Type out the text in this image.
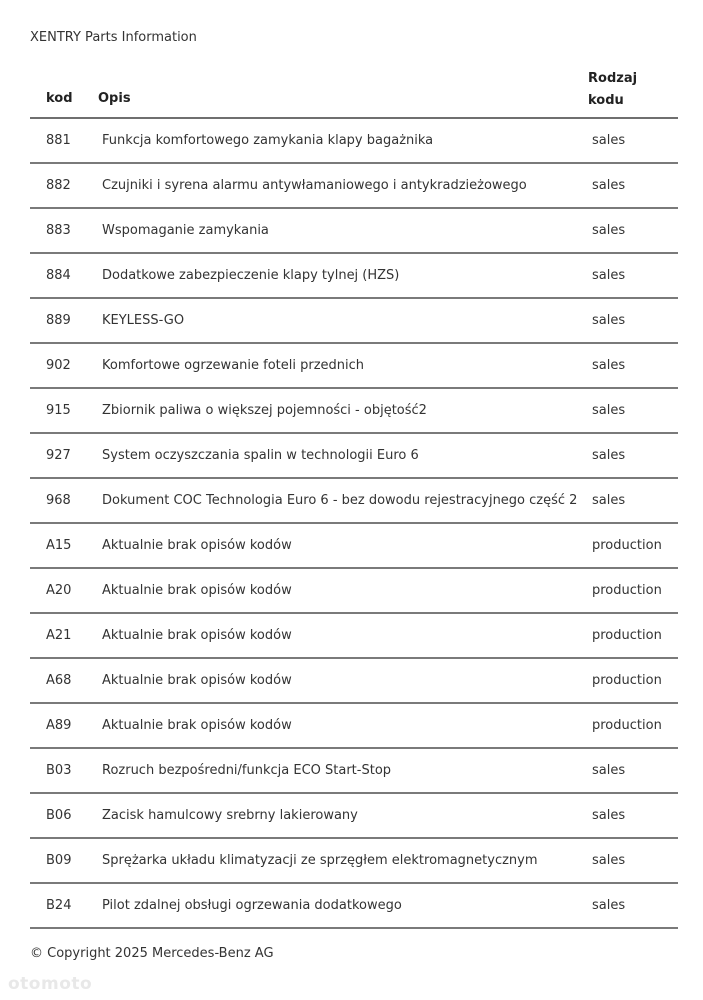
XENTRY Parts Information
kod Opis
Rodzaj
kodu
881 Funkcja komfortowego zamykania klapy bagażnika	sales
882 Czujniki i syrena alarmu antywłamaniowego i antykradzieżowego	sales
883 Wspomaganie zamykania	sales
884 Dodatkowe zabezpieczenie klapy tylnej (HZS)	sales
889 KEYLESS-GO	sales
902 Komfortowe ogrzewanie foteli przednich	sales
915 Zbiornik paliwa o większej pojemności - objętość2	sales
927 System oczyszczania spalin w technologii Euro 6	sales
968 Dokument COC Technologia Euro 6 - bez dowodu rejestracyjnego część 2 sales
A15 Aktualnie brak opisów kodów	production
A20 Aktualnie brak opisów kodów	production
A21 Aktualnie brak opisów kodów	production
A68 Aktualnie brak opisów kodów	production
A89 Aktualnie brak opisów kodów	production
B03 Rozruch bezpośredni/funkcja ECO Start-Stop	sales
B06 Zacisk hamulcowy srebrny lakierowany	sales
B09 Sprężarka układu klimatyzacji ze sprzęgłem elektromagnetycznym	sales
B24 Pilot zdalnej obsługi ogrzewania dodatkowego	sales
© Copyright 2025 Mercedes-Benz AG
otomoto
